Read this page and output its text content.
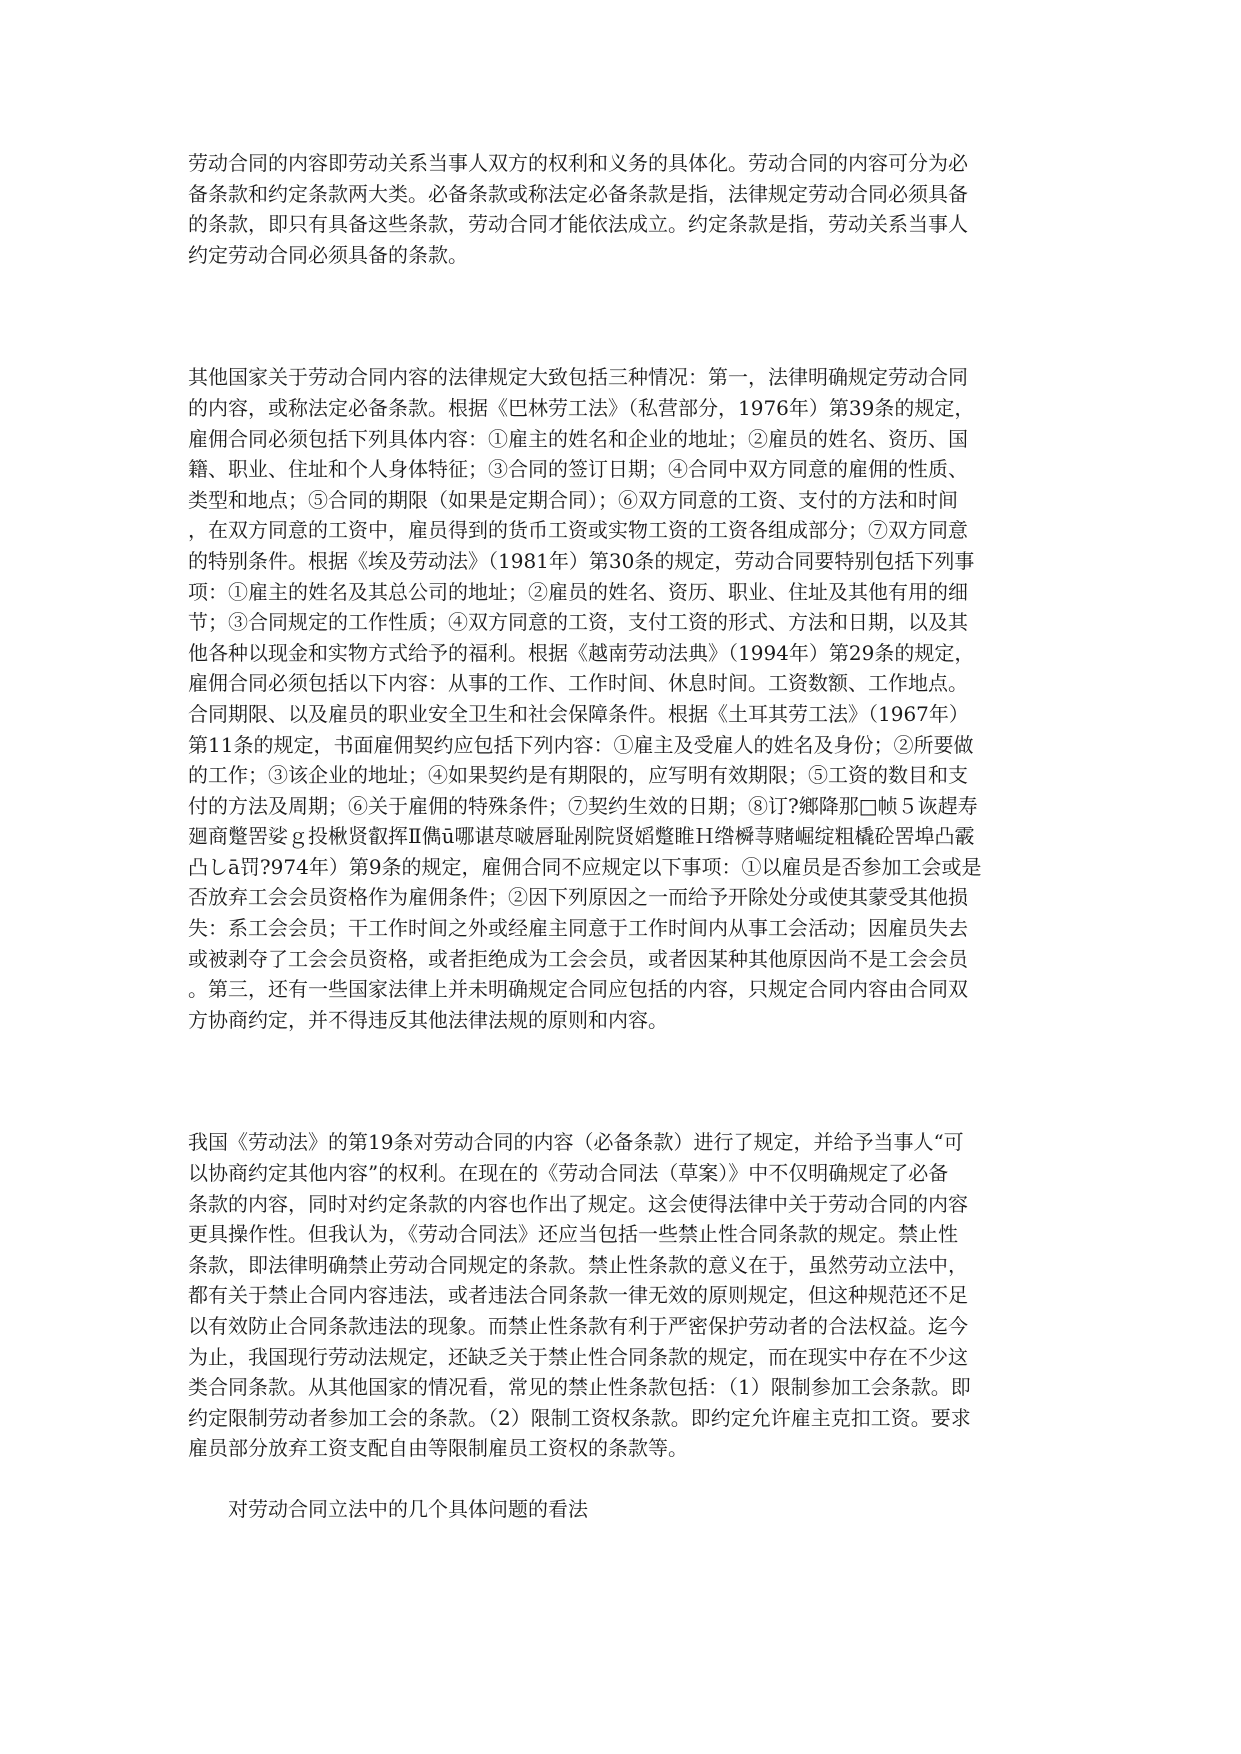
劳动合同的内容即劳动关系当事人双方的权利和义务的具体化。劳动合同的内容可分为必
备条款和约定条款两大类。必备条款或称法定必备条款是指，法律规定劳动合同必须具备
的条款，即只有具备这些条款，劳动合同才能依法成立。约定条款是指，劳动关系当事人
约定劳动合同必须具备的条款。
其他国家关于劳动合同内容的法律规定大致包括三种情况：第一，法律明确规定劳动合同
的内容，或称法定必备条款。根据《巴林劳工法》（私营部分，1976年）第39条的规定，
雇佣合同必须包括下列具体内容：①雇主的姓名和企业的地址；②雇员的姓名、资历、国
籍、职业、住址和个人身体特征；③合同的签订日期；④合同中双方同意的雇佣的性质、
类型和地点；⑤合同的期限（如果是定期合同）；⑥双方同意的工资、支付的方法和时间
，在双方同意的工资中，雇员得到的货币工资或实物工资的工资各组成部分；⑦双方同意
的特别条件。根据《埃及劳动法》（1981年）第30条的规定，劳动合同要特别包括下列事
项：①雇主的姓名及其总公司的地址；②雇员的姓名、资历、职业、住址及其他有用的细
节；③合同规定的工作性质；④双方同意的工资，支付工资的形式、方法和日期，以及其
他各种以现金和实物方式给予的福利。根据《越南劳动法典》（1994年）第29条的规定，
雇佣合同必须包括以下内容：从事的工作、工作时间、休息时间。工资数额、工作地点。
合同期限、以及雇员的职业安全卫生和社会保障条件。根据《土耳其劳工法》（1967年）
第11条的规定，书面雇佣契约应包括下列内容：①雇主及受雇人的姓名及身份；②所要做
的工作；③该企业的地址；④如果契约是有期限的，应写明有效期限；⑤工资的数目和支
付的方法及周期；⑥关于雇佣的特殊条件；⑦契约生效的日期；⑧订?鄉降那□帧５诙趕寿
廻商蹩罟娑ｇ投楸贤叡挥Ⅱ儁ū哪谌荩啵唇耻剐院贤嫍蹩睢Ｈ绺橓荨赌崛绽粗橇砼罟埠凸霰
凸しā罚?974年）第9条的规定，雇佣合同不应规定以下事项：①以雇员是否参加工会或是
否放弃工会会员资格作为雇佣条件；②因下列原因之一而给予开除处分或使其蒙受其他损
失：系工会会员；干工作时间之外或经雇主同意于工作时间内从事工会活动；因雇员失去
或被剥夺了工会会员资格，或者拒绝成为工会会员，或者因某种其他原因尚不是工会会员
。第三，还有一些国家法律上并未明确规定合同应包括的内容，只规定合同内容由合同双
方协商约定，并不得违反其他法律法规的原则和内容。
我国《劳动法》的第19条对劳动合同的内容（必备条款）进行了规定，并给予当事人“可
以协商约定其他内容”的权利。在现在的《劳动合同法（草案）》中不仅明确规定了必备
条款的内容，同时对约定条款的内容也作出了规定。这会使得法律中关于劳动合同的内容
更具操作性。但我认为，《劳动合同法》还应当包括一些禁止性合同条款的规定。禁止性
条款，即法律明确禁止劳动合同规定的条款。禁止性条款的意义在于，虽然劳动立法中，
都有关于禁止合同内容违法，或者违法合同条款一律无效的原则规定，但这种规范还不足
以有效防止合同条款违法的现象。而禁止性条款有利于严密保护劳动者的合法权益。迄今
为止，我国现行劳动法规定，还缺乏关于禁止性合同条款的规定，而在现实中存在不少这
类合同条款。从其他国家的情况看，常见的禁止性条款包括：（1）限制参加工会条款。即
约定限制劳动者参加工会的条款。（2）限制工资权条款。即约定允许雇主克扣工资。要求
雇员部分放弃工资支配自由等限制雇员工资权的条款等。
对劳动合同立法中的几个具体问题的看法
